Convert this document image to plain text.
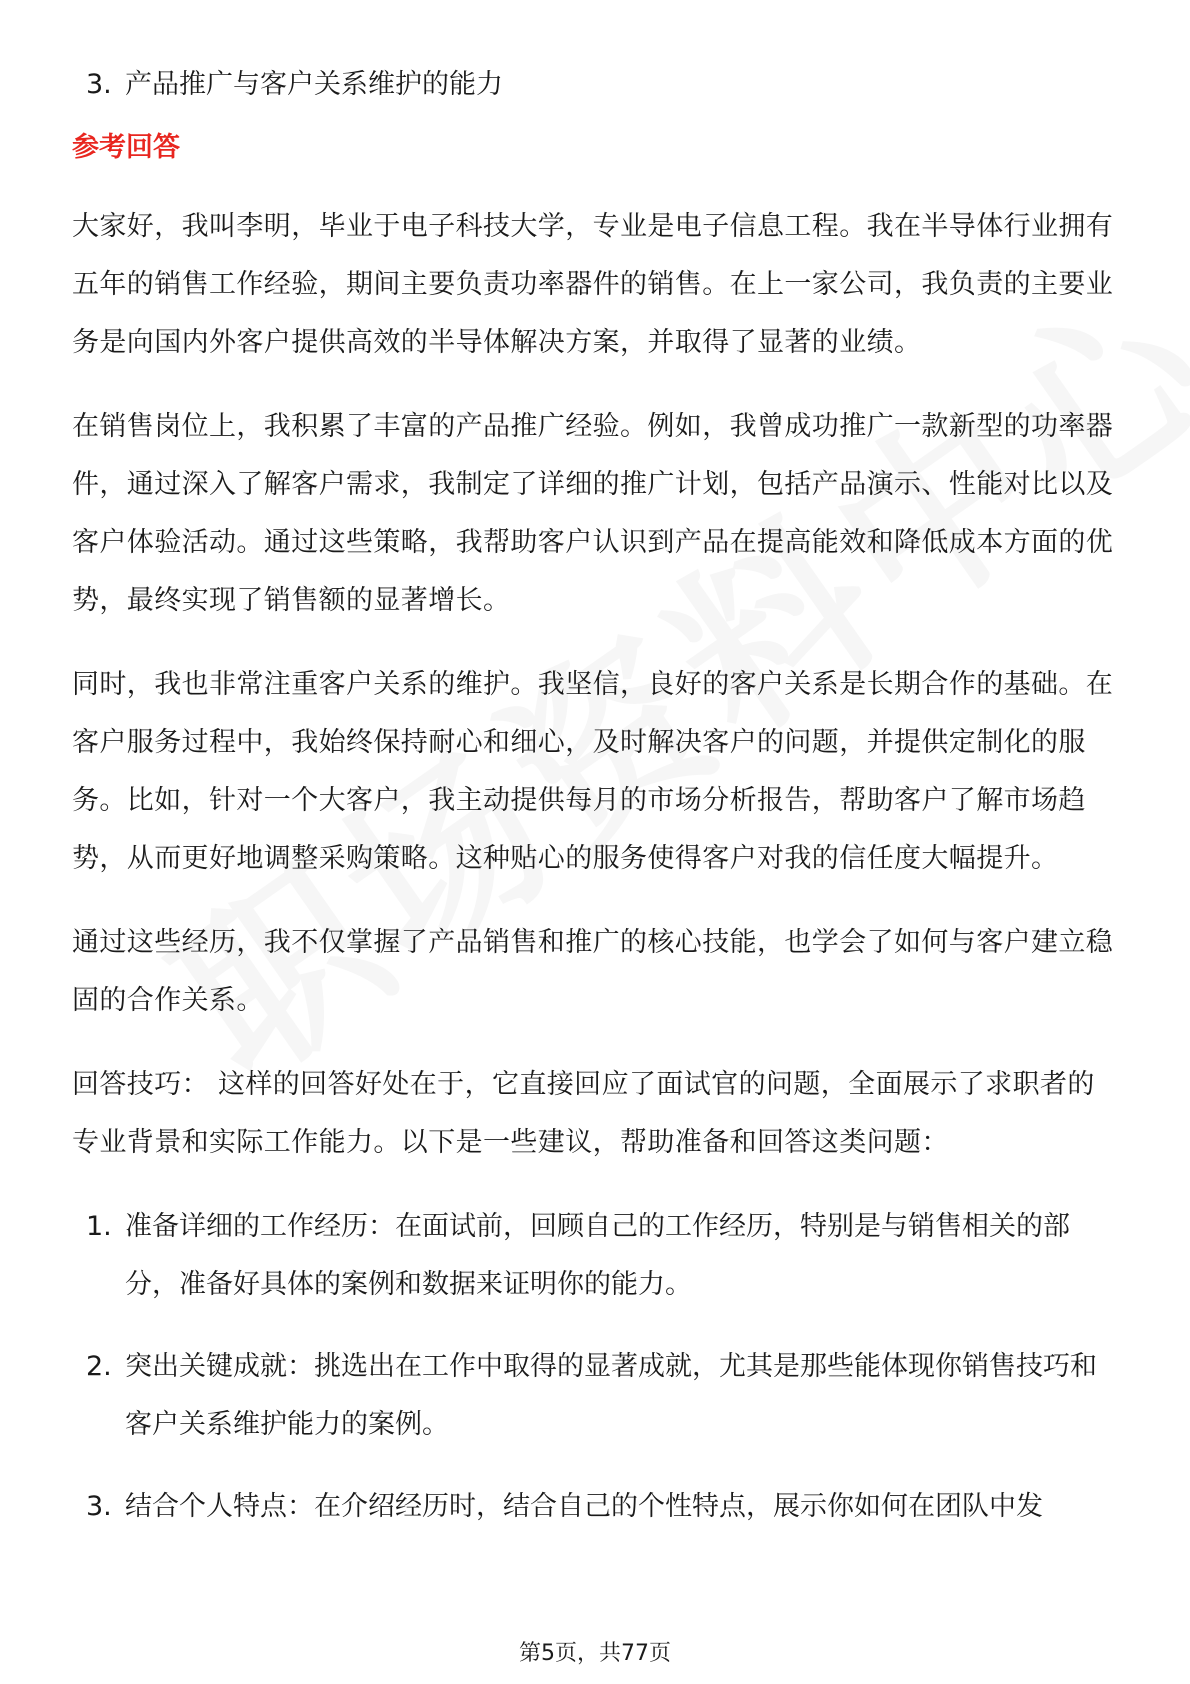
3. 产品推广与客户关系维护的能力
参考回答

大家好，我叫李明，毕业于电子科技大学，专业是电子信息工程。我在半导体行业拥有五年的销售工作经验，期间主要负责功率器件的销售。在上一家公司，我负责的主要业务是向国内外客户提供高效的半导体解决方案，并取得了显著的业绩。

在销售岗位上，我积累了丰富的产品推广经验。例如，我曾成功推广一款新型的功率器件，通过深入了解客户需求，我制定了详细的推广计划，包括产品演示、性能对比以及客户体验活动。通过这些策略，我帮助客户认识到产品在提高能效和降低成本方面的优势，最终实现了销售额的显著增长。

同时，我也非常注重客户关系的维护。我坚信，良好的客户关系是长期合作的基础。在客户服务过程中，我始终保持耐心和细心，及时解决客户的问题，并提供定制化的服务。比如，针对一个大客户，我主动提供每月的市场分析报告，帮助客户了解市场趋势，从而更好地调整采购策略。这种贴心的服务使得客户对我的信任度大幅提升。

通过这些经历，我不仅掌握了产品销售和推广的核心技能，也学会了如何与客户建立稳固的合作关系。

回答技巧： 这样的回答好处在于，它直接回应了面试官的问题，全面展示了求职者的专业背景和实际工作能力。以下是一些建议，帮助准备和回答这类问题：

1. 准备详细的工作经历：在面试前，回顾自己的工作经历，特别是与销售相关的部分，准备好具体的案例和数据来证明你的能力。
2. 突出关键成就：挑选出在工作中取得的显著成就，尤其是那些能体现你销售技巧和客户关系维护能力的案例。
3. 结合个人特点：在介绍经历时，结合自己的个性特点，展示你如何在团队中发
第5页，共77页
